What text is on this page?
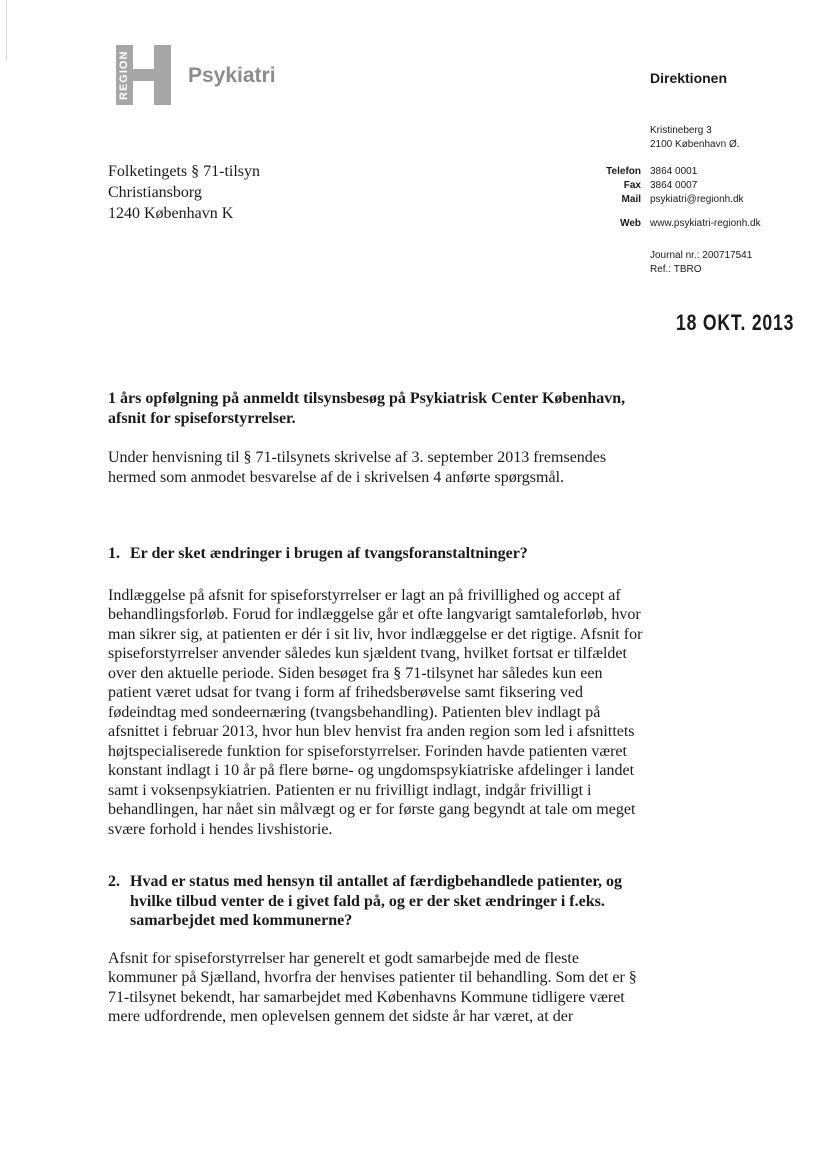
REGION	Psykiatri	Direktionen
Kristineberg 3
2100 København Ø.
Telefon 3864 0001
Fax 3864 0007
Mail psykiatri@regionh.dk
Web www.psykiatri-regionh.dk
Journal nr.: 200717541
Ref.: TBRO
18 OKT. 2013
Folketingets § 71-tilsyn
Christiansborg
1240 København K

1 års opfølgning på anmeldt tilsynsbesøg på Psykiatrisk Center København, afsnit for spiseforstyrrelser.

Under henvisning til § 71-tilsynets skrivelse af 3. september 2013 fremsendes hermed som anmodet besvarelse af de i skrivelsen 4 anførte spørgsmål.

1. Er der sket ændringer i brugen af tvangsforanstaltninger?

Indlæggelse på afsnit for spiseforstyrrelser er lagt an på frivillighed og accept af behandlingsforløb. Forud for indlæggelse går et ofte langvarigt samtaleforløb, hvor man sikrer sig, at patienten er dér i sit liv, hvor indlæggelse er det rigtige. Afsnit for spiseforstyrrelser anvender således kun sjældent tvang, hvilket fortsat er tilfældet over den aktuelle periode. Siden besøget fra § 71-tilsynet har således kun een patient været udsat for tvang i form af frihedsberøvelse samt fiksering ved fødeindtag med sondeernæring (tvangsbehandling). Patienten blev indlagt på afsnittet i februar 2013, hvor hun blev henvist fra anden region som led i afsnittets højtspecialiserede funktion for spiseforstyrrelser. Forinden havde patienten været konstant indlagt i 10 år på flere børne- og ungdomspsykiatriske afdelinger i landet samt i voksenpsykiatrien. Patienten er nu frivilligt indlagt, indgår frivilligt i behandlingen, har nået sin målvægt og er for første gang begyndt at tale om meget svære forhold i hendes livshistorie.

2. Hvad er status med hensyn til antallet af færdigbehandlede patienter, og hvilke tilbud venter de i givet fald på, og er der sket ændringer i f.eks. samarbejdet med kommunerne?

Afsnit for spiseforstyrrelser har generelt et godt samarbejde med de fleste kommuner på Sjælland, hvorfra der henvises patienter til behandling. Som det er § 71-tilsynet bekendt, har samarbejdet med Københavns Kommune tidligere været mere udfordrende, men oplevelsen gennem det sidste år har været, at der
